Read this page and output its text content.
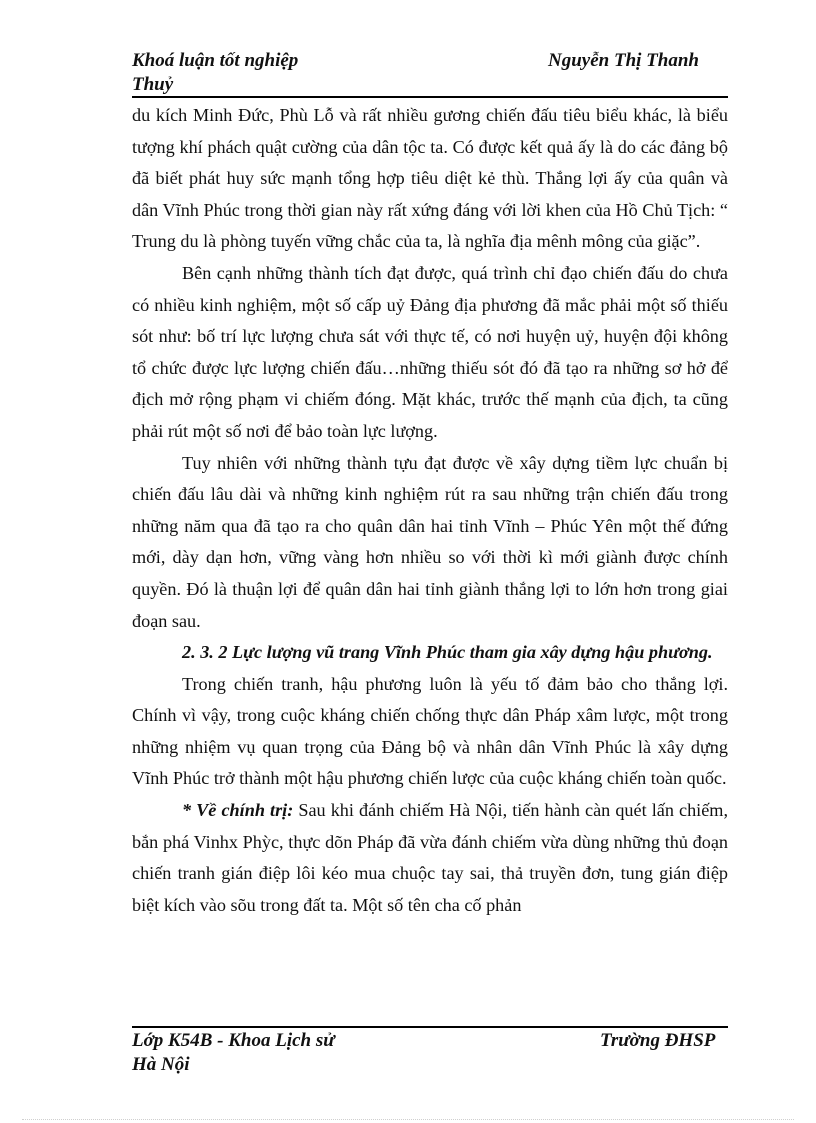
Khoá luận tốt nghiệp
Thuỷ
Nguyễn Thị Thanh

du kích Minh Đức, Phù Lỗ và rất nhiều gương chiến đấu tiêu biểu khác, là biểu tượng khí phách quật cường của dân tộc ta. Có được kết quả ấy là do các đảng bộ đã biết phát huy sức mạnh tổng hợp tiêu diệt kẻ thù. Thắng lợi ấy của quân và dân Vĩnh Phúc trong thời gian này rất xứng đáng với lời khen của Hồ Chủ Tịch: “ Trung du là phòng tuyến vững chắc của ta, là nghĩa địa mênh mông của giặc”.

Bên cạnh những thành tích đạt được, quá trình chỉ đạo chiến đấu do chưa có nhiều kinh nghiệm, một số cấp uỷ Đảng địa phương đã mắc phải một số thiếu sót như: bố trí lực lượng chưa sát với thực tế, có nơi huyện uỷ, huyện đội không tổ chức được lực lượng chiến đấu…những thiếu sót đó đã tạo ra những sơ hở để địch mở rộng phạm vi chiếm đóng. Mặt khác, trước thế mạnh của địch, ta cũng phải rút một số nơi để bảo toàn lực lượng.

Tuy nhiên với những thành tựu đạt được về xây dựng tiềm lực chuẩn bị chiến đấu lâu dài và những kinh nghiệm rút ra sau những trận chiến đấu trong những năm qua đã tạo ra cho quân dân hai tỉnh Vĩnh – Phúc Yên một thế đứng mới, dày dạn hơn, vững vàng hơn nhiều so với thời kì mới giành được chính quyền. Đó là thuận lợi để quân dân hai tỉnh giành thắng lợi to lớn hơn trong giai đoạn sau.

2. 3. 2 Lực lượng vũ trang Vĩnh Phúc tham gia xây dựng hậu phương.

Trong chiến tranh, hậu phương luôn là yếu tố đảm bảo cho thắng lợi. Chính vì vậy, trong cuộc kháng chiến chống thực dân Pháp xâm lược, một trong những nhiệm vụ quan trọng của Đảng bộ và nhân dân Vĩnh Phúc là xây dựng Vĩnh Phúc trở thành một hậu phương chiến lược của cuộc kháng chiến toàn quốc.

* Về chính trị: Sau khi đánh chiếm Hà Nội, tiến hành càn quét lấn chiếm, bắn phá Vinhx Phỳc, thực dõn Pháp đã vừa đánh chiếm vừa dùng những thủ đoạn chiến tranh gián điệp lôi kéo mua chuộc tay sai, thả truyền đơn, tung gián điệp biệt kích vào sõu trong đất ta. Một số tên cha cố phản

Lớp K54B - Khoa Lịch sử
Hà Nội
Trường ĐHSP
